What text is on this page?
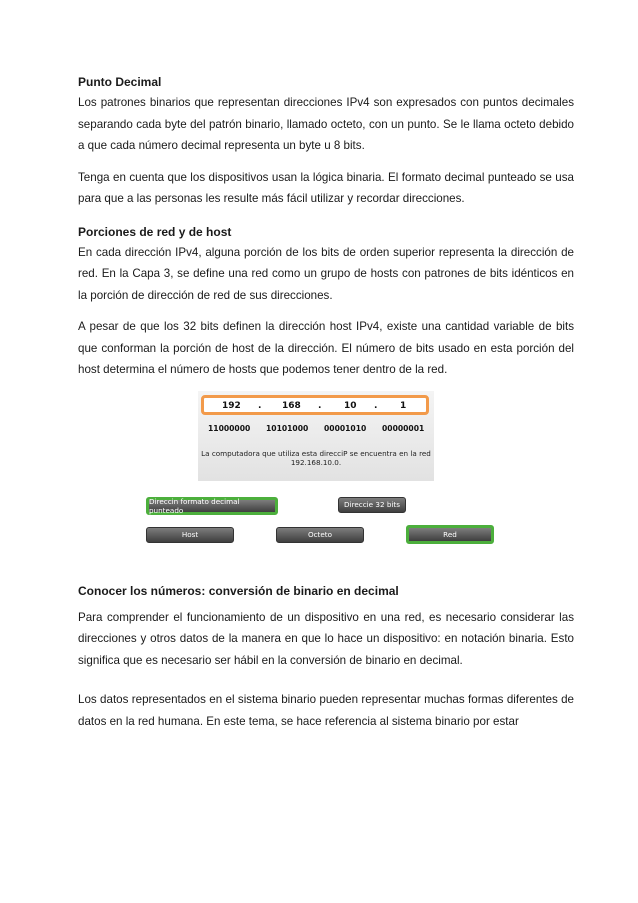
Punto Decimal

Los patrones binarios que representan direcciones IPv4 son expresados con puntos decimales separando cada byte del patrón binario, llamado octeto, con un punto. Se le llama octeto debido a que cada número decimal representa un byte u 8 bits.

Tenga en cuenta que los dispositivos usan la lógica binaria. El formato decimal punteado se usa para que a las personas les resulte más fácil utilizar y recordar direcciones.

Porciones de red y de host

En cada dirección IPv4, alguna porción de los bits de orden superior representa la dirección de red. En la Capa 3, se define una red como un grupo de hosts con patrones de bits idénticos en la porción de dirección de red de sus direcciones.

A pesar de que los 32 bits definen la dirección host IPv4, existe una cantidad variable de bits que conforman la porción de host de la dirección. El número de bits usado en esta porción del host determina el número de hosts que podemos tener dentro de la red.

192 . 168 .	10 .	1
11000000 10101000 00001010 00000001
La computadora que utiliza esta direcciP se encuentra en la red
192.168.10.0.
Direccin formato decimal punteado
Direccie 32 bits
Host	Octeto	Red
Conocer los números: conversión de binario en decimal

Para comprender el funcionamiento de un dispositivo en una red, es necesario considerar las direcciones y otros datos de la manera en que lo hace un dispositivo: en notación binaria. Esto significa que es necesario ser hábil en la conversión de binario en decimal.

Los datos representados en el sistema binario pueden representar muchas formas diferentes de datos en la red humana. En este tema, se hace referencia al sistema binario por estar
